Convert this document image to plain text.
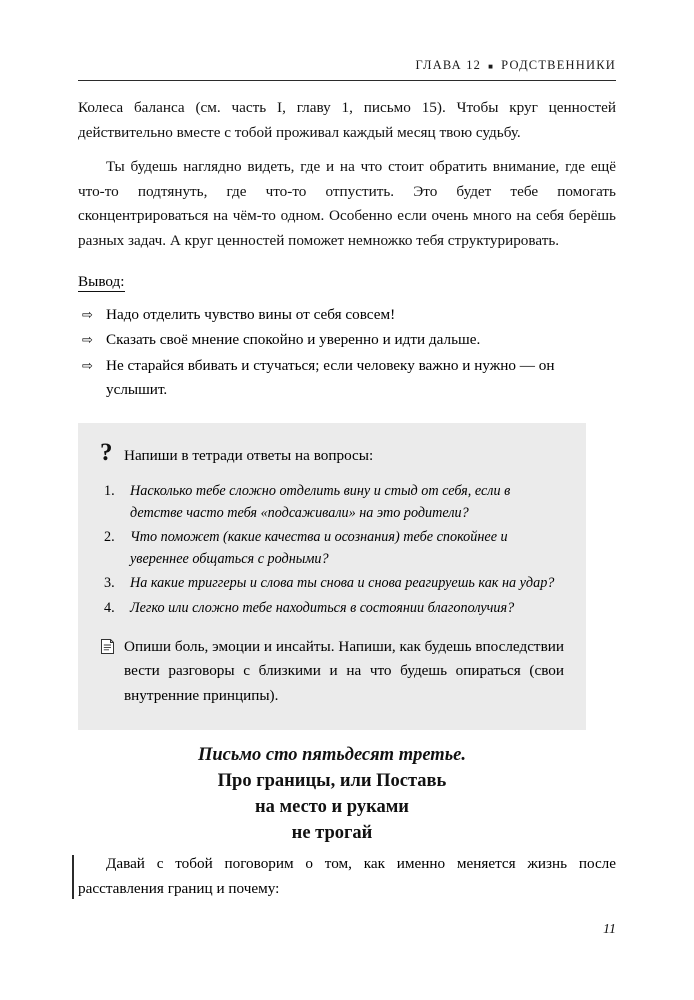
ГЛАВА 12 ■ РОДСТВЕННИКИ

Колеса баланса (см. часть I, главу 1, письмо 15). Чтобы круг ценностей действительно вместе с тобой проживал каждый месяц твою судьбу.

Ты будешь наглядно видеть, где и на что стоит обратить внимание, где ещё что-то подтянуть, где что-то отпустить. Это будет тебе помогать сконцентрироваться на чём-то одном. Особенно если очень много на себя берёшь разных задач. А круг ценностей поможет немножко тебя структурировать.

Вывод:
⇨ Надо отделить чувство вины от себя совсем!
⇨ Сказать своё мнение спокойно и уверенно и идти дальше.
⇨ Не старайся вбивать и стучаться; если человеку важно и нужно — он услышит.
? Напиши в тетради ответы на вопросы:
Насколько тебе сложно отделить вину и стыд от себя, если в детстве часто тебя «подсаживали» на это родители?
Что поможет (какие качества и осознания) тебе спокойнее и увереннее общаться с родными?
На какие триггеры и слова ты снова и снова реагируешь как на удар?
Легко или сложно тебе находиться в состоянии благополучия?
Опиши боль, эмоции и инсайты. Напиши, как будешь впоследствии вести разговоры с близкими и на что будешь опираться (свои внутренние принципы).
Письмо сто пятьдесят третье.
Про границы, или Поставь
на место и руками
не трогай

Давай с тобой поговорим о том, как именно меняется жизнь после расставления границ и почему:

11
